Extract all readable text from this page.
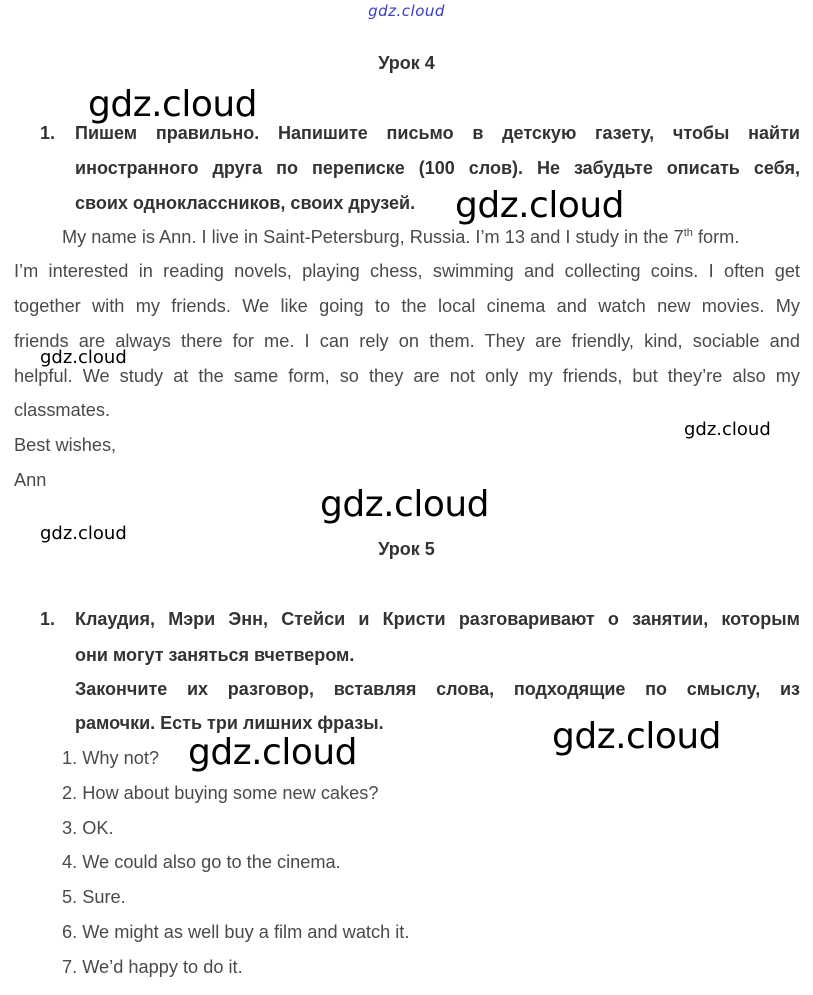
gdz.cloud
Урок 4
1. Пишем правильно. Напишите письмо в детскую газету, чтобы найти
иностранного друга по переписке (100 слов). Не забудьте описать себя,
своих одноклассников, своих друзей.
My name is Ann. I live in Saint-Petersburg, Russia. I’m 13 and I study in the 7th form.
I’m interested in reading novels, playing chess, swimming and collecting coins. I often get
together with my friends. We like going to the local cinema and watch new movies. My
friends are always there for me. I can rely on them. They are friendly, kind, sociable and
helpful. We study at the same form, so they are not only my friends, but they’re also my
classmates.
Best wishes,
Ann
Урок 5
1. Клаудия, Мэри Энн, Стейси и Кристи разговаривают о занятии, которым
они могут заняться вчетвером.
Закончите их разговор, вставляя слова, подходящие по смыслу, из
рамочки. Есть три лишних фразы.
1. Why not?
2. How about buying some new cakes?
3. OK.
4. We could also go to the cinema.
5. Sure.
6. We might as well buy a film and watch it.
7. We’d happy to do it.
gdz.cloud
gdz.cloud
gdz.cloud
gdz.cloud
gdz.cloud
gdz.cloud
gdz.cloud
gdz.cloud
